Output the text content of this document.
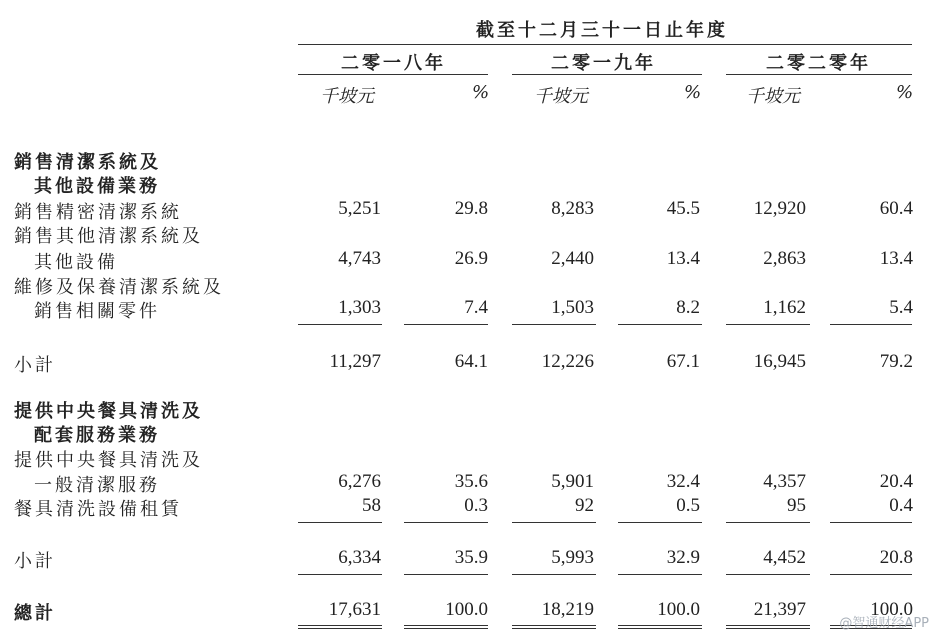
截至十二月三十一日止年度
二零一八年	二零一九年	二零二零年
千坡元	% 千坡元	% 千坡元	%
銷售清潔系統及
其他設備業務
銷售精密清潔系統	5,251	29.8	8,283	45.5	12,920	60.4
銷售其他清潔系統及
其他設備	4,743	26.9	2,440	13.4	2,863	13.4
維修及保養清潔系統及
銷售相關零件	1,303	7.4	1,503	8.2	1,162	5.4
小計	11,297	64.1	12,226	67.1	16,945	79.2
提供中央餐具清洗及
配套服務業務
提供中央餐具清洗及
一般清潔服務	6,276	35.6	5,901	32.4	4,357	20.4
餐具清洗設備租賃	58	0.3	92	0.5	95	0.4
小計	6,334	35.9	5,993	32.9	4,452	20.8
總計	17,631	100.0	18,219	100.0	21,397	100.0
@智通财经APP
